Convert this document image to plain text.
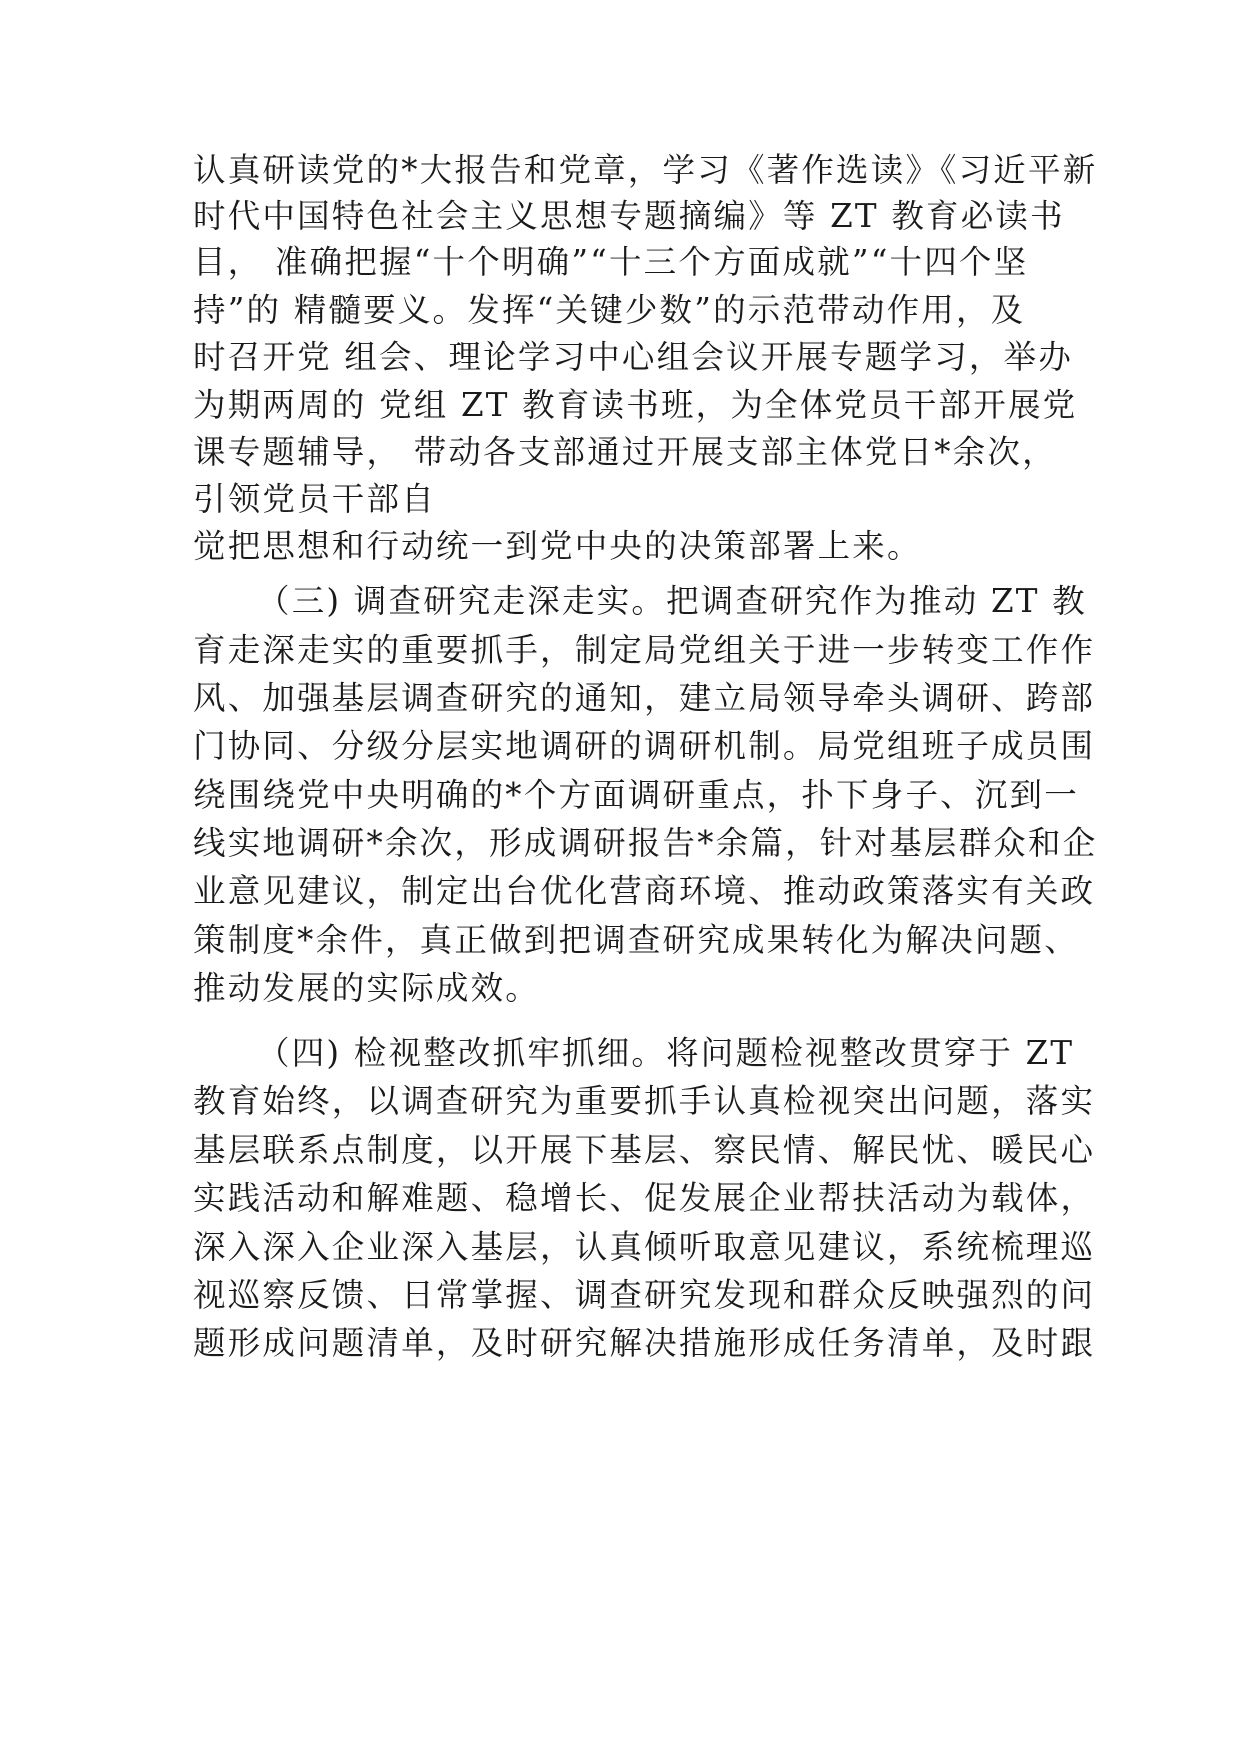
认真研读党的*大报告和党章，学习《著作选读》《习近平新
时代中国特色社会主义思想专题摘编》等 ZT 教育必读书
目， 准确把握“十个明确”“十三个方面成就”“十四个坚
持”的 精髓要义。发挥“关键少数”的示范带动作用，及
时召开党 组会、理论学习中心组会议开展专题学习，举办
为期两周的 党组 ZT 教育读书班，为全体党员干部开展党
课专题辅导， 带动各支部通过开展支部主体党日*余次，
引领党员干部自
觉把思想和行动统一到党中央的决策部署上来。
（三) 调查研究走深走实。把调查研究作为推动 ZT 教
育走深走实的重要抓手，制定局党组关于进一步转变工作作
风、加强基层调查研究的通知，建立局领导牵头调研、跨部
门协同、分级分层实地调研的调研机制。局党组班子成员围
绕围绕党中央明确的*个方面调研重点，扑下身子、沉到一
线实地调研*余次，形成调研报告*余篇，针对基层群众和企
业意见建议，制定出台优化营商环境、推动政策落实有关政
策制度*余件，真正做到把调查研究成果转化为解决问题、
推动发展的实际成效。
（四) 检视整改抓牢抓细。将问题检视整改贯穿于 ZT
教育始终，以调查研究为重要抓手认真检视突出问题，落实
基层联系点制度，以开展下基层、察民情、解民忧、暖民心
实践活动和解难题、稳增长、促发展企业帮扶活动为载体，
深入深入企业深入基层，认真倾听取意见建议，系统梳理巡
视巡察反馈、日常掌握、调查研究发现和群众反映强烈的问
题形成问题清单，及时研究解决措施形成任务清单，及时跟
